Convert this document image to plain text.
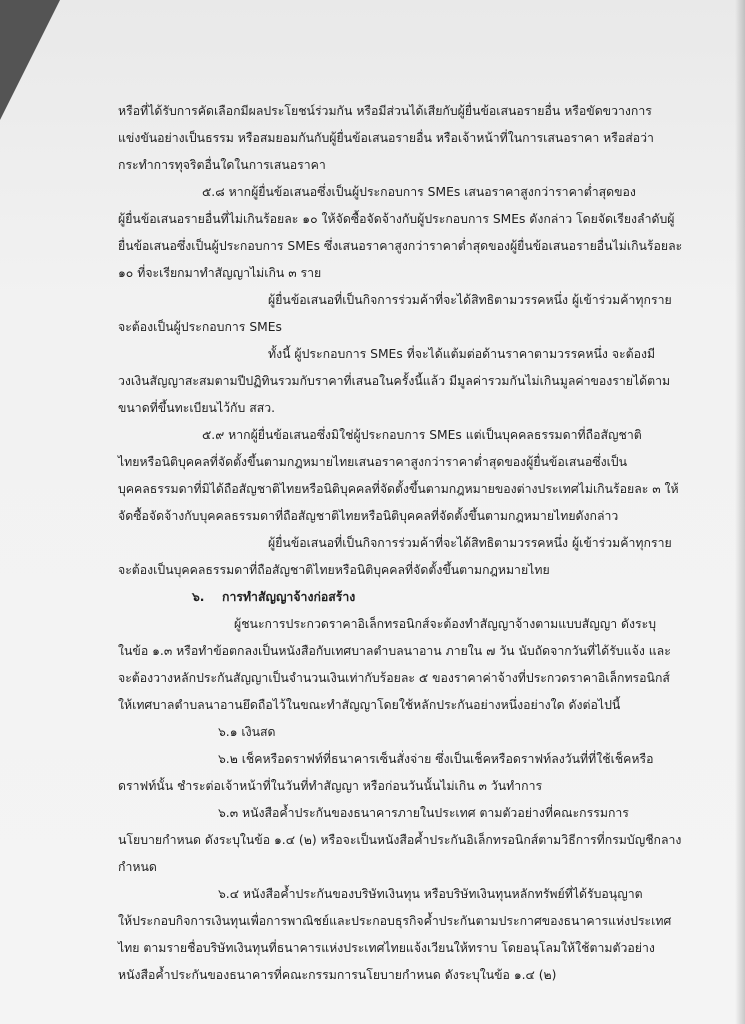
หรือที่ได้รับการคัดเลือกมีผลประโยชน์ร่วมกัน หรือมีส่วนได้เสียกับผู้ยื่นข้อเสนอรายอื่น หรือขัดขวางการ
แข่งขันอย่างเป็นธรรม หรือสมยอมกันกับผู้ยื่นข้อเสนอรายอื่น หรือเจ้าหน้าที่ในการเสนอราคา หรือส่อว่า
กระทำการทุจริตอื่นใดในการเสนอราคา
๕.๘ หากผู้ยื่นข้อเสนอซึ่งเป็นผู้ประกอบการ SMEs เสนอราคาสูงกว่าราคาต่ำสุดของ
ผู้ยื่นข้อเสนอรายอื่นที่ไม่เกินร้อยละ ๑๐ ให้จัดซื้อจัดจ้างกับผู้ประกอบการ SMEs ดังกล่าว โดยจัดเรียงลำดับผู้
ยื่นข้อเสนอซึ่งเป็นผู้ประกอบการ SMEs ซึ่งเสนอราคาสูงกว่าราคาต่ำสุดของผู้ยื่นข้อเสนอรายอื่นไม่เกินร้อยละ
๑๐ ที่จะเรียกมาทำสัญญาไม่เกิน ๓ ราย
ผู้ยื่นข้อเสนอที่เป็นกิจการร่วมค้าที่จะได้สิทธิตามวรรคหนึ่ง ผู้เข้าร่วมค้าทุกราย
จะต้องเป็นผู้ประกอบการ SMEs
ทั้งนี้ ผู้ประกอบการ SMEs ที่จะได้แต้มต่อด้านราคาตามวรรคหนึ่ง จะต้องมี
วงเงินสัญญาสะสมตามปีปฏิทินรวมกับราคาที่เสนอในครั้งนี้แล้ว มีมูลค่ารวมกันไม่เกินมูลค่าของรายได้ตาม
ขนาดที่ขึ้นทะเบียนไว้กับ สสว.
๕.๙ หากผู้ยื่นข้อเสนอซึ่งมิใช่ผู้ประกอบการ SMEs แต่เป็นบุคคลธรรมดาที่ถือสัญชาติ
ไทยหรือนิติบุคคลที่จัดตั้งขึ้นตามกฎหมายไทยเสนอราคาสูงกว่าราคาต่ำสุดของผู้ยื่นข้อเสนอซึ่งเป็น
บุคคลธรรมดาที่มิได้ถือสัญชาติไทยหรือนิติบุคคลที่จัดตั้งขึ้นตามกฎหมายของต่างประเทศไม่เกินร้อยละ ๓ ให้
จัดซื้อจัดจ้างกับบุคคลธรรมดาที่ถือสัญชาติไทยหรือนิติบุคคลที่จัดตั้งขึ้นตามกฎหมายไทยดังกล่าว
ผู้ยื่นข้อเสนอที่เป็นกิจการร่วมค้าที่จะได้สิทธิตามวรรคหนึ่ง ผู้เข้าร่วมค้าทุกราย
จะต้องเป็นบุคคลธรรมดาที่ถือสัญชาติไทยหรือนิติบุคคลที่จัดตั้งขึ้นตามกฎหมายไทย
๖. การทำสัญญาจ้างก่อสร้าง
ผู้ชนะการประกวดราคาอิเล็กทรอนิกส์จะต้องทำสัญญาจ้างตามแบบสัญญา ดังระบุ
ในข้อ ๑.๓ หรือทำข้อตกลงเป็นหนังสือกับเทศบาลตำบลนาอาน ภายใน ๗ วัน นับถัดจากวันที่ได้รับแจ้ง และ
จะต้องวางหลักประกันสัญญาเป็นจำนวนเงินเท่ากับร้อยละ ๕ ของราคาค่าจ้างที่ประกวดราคาอิเล็กทรอนิกส์
ให้เทศบาลตำบลนาอานยึดถือไว้ในขณะทำสัญญาโดยใช้หลักประกันอย่างหนึ่งอย่างใด ดังต่อไปนี้
๖.๑ เงินสด
๖.๒ เช็คหรือดราฟท์ที่ธนาคารเซ็นสั่งจ่าย ซึ่งเป็นเช็คหรือดราฟท์ลงวันที่ที่ใช้เช็คหรือ
ดราฟท์นั้น ชำระต่อเจ้าหน้าที่ในวันที่ทำสัญญา หรือก่อนวันนั้นไม่เกิน ๓ วันทำการ
๖.๓ หนังสือค้ำประกันของธนาคารภายในประเทศ ตามตัวอย่างที่คณะกรรมการ
นโยบายกำหนด ดังระบุในข้อ ๑.๔ (๒) หรือจะเป็นหนังสือค้ำประกันอิเล็กทรอนิกส์ตามวิธีการที่กรมบัญชีกลาง
กำหนด
๖.๔ หนังสือค้ำประกันของบริษัทเงินทุน หรือบริษัทเงินทุนหลักทรัพย์ที่ได้รับอนุญาต
ให้ประกอบกิจการเงินทุนเพื่อการพาณิชย์และประกอบธุรกิจค้ำประกันตามประกาศของธนาคารแห่งประเทศ
ไทย ตามรายชื่อบริษัทเงินทุนที่ธนาคารแห่งประเทศไทยแจ้งเวียนให้ทราบ โดยอนุโลมให้ใช้ตามตัวอย่าง
หนังสือค้ำประกันของธนาคารที่คณะกรรมการนโยบายกำหนด ดังระบุในข้อ ๑.๔ (๒)
